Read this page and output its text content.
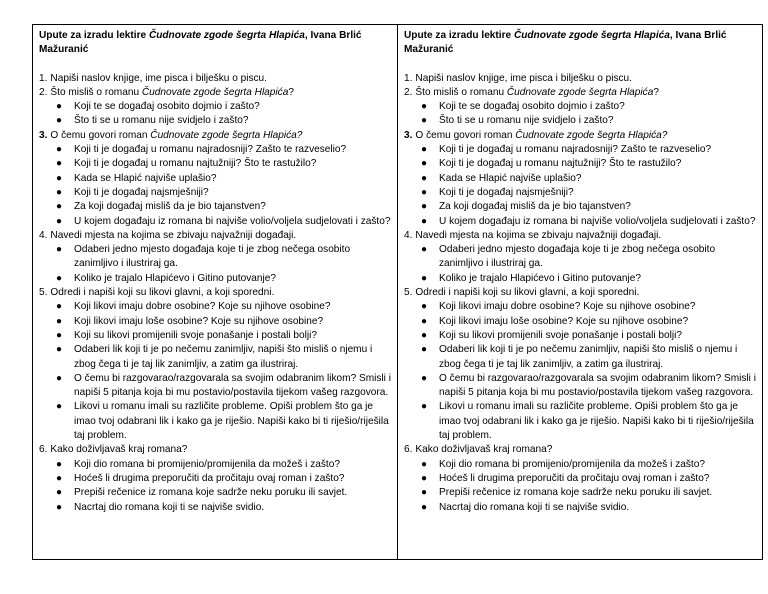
Upute za izradu lektire Čudnovate zgode šegrta Hlapića, Ivana Brlić Mažuranić
1. Napiši naslov knjige, ime pisca i bilješku o piscu.
2. Što misliš o romanu Čudnovate zgode šegrta Hlapića?
● Koji te se događaj osobito dojmio i zašto?
● Što ti se u romanu nije svidjelo i zašto?
3. O čemu govori roman Čudnovate zgode šegrta Hlapića?
● Koji ti je događaj u romanu najradosniji? Zašto te razveselio?
● Koji ti je događaj u romanu najtužniji? Što te rastužilo?
● Kada se Hlapić najviše uplašio?
● Koji ti je događaj najsmješniji?
● Za koji događaj misliš da je bio tajanstven?
● U kojem događaju iz romana bi najviše volio/voljela sudjelovati i zašto?
4. Navedi mjesta na kojima se zbivaju najvažniji događaji.
● Odaberi jedno mjesto događaja koje ti je zbog nečega osobito zanimljivo i ilustriraj ga.
● Koliko je trajalo Hlapićevo i Gitino putovanje?
5. Odredi i napiši koji su likovi glavni, a koji sporedni.
● Koji likovi imaju dobre osobine? Koje su njihove osobine?
● Koji likovi imaju loše osobine? Koje su njihove osobine?
● Koji su likovi promijenili svoje ponašanje i postali bolji?
● Odaberi lik koji ti je po nečemu zanimljiv, napiši što misliš o njemu i zbog čega ti je taj lik zanimljiv, a zatim ga ilustriraj.
● O čemu bi razgovarao/razgovarala sa svojim odabranim likom? Smisli i napiši 5 pitanja koja bi mu postavio/postavila tijekom vašeg razgovora.
● Likovi u romanu imali su različite probleme. Opiši problem što ga je imao tvoj odabrani lik i kako ga je riješio. Napiši kako bi ti riješio/riješila taj problem.
6. Kako doživljavaš kraj romana?
● Koji dio romana bi promijenio/promijenila da možeš i zašto?
● Hoćeš li drugima preporučiti da pročitaju ovaj roman i zašto?
● Prepiši rečenice iz romana koje sadrže neku poruku ili savjet.
● Nacrtaj dio romana koji ti se najviše svidio.

Upute za izradu lektire Čudnovate zgode šegrta Hlapića, Ivana Brlić Mažuranić
1. Napiši naslov knjige, ime pisca i bilješku o piscu.
2. Što misliš o romanu Čudnovate zgode šegrta Hlapića?
● Koji te se događaj osobito dojmio i zašto?
● Što ti se u romanu nije svidjelo i zašto?
3. O čemu govori roman Čudnovate zgode šegrta Hlapića?
● Koji ti je događaj u romanu najradosniji? Zašto te razveselio?
● Koji ti je događaj u romanu najtužniji? Što te rastužilo?
● Kada se Hlapić najviše uplašio?
● Koji ti je događaj najsmješniji?
● Za koji događaj misliš da je bio tajanstven?
● U kojem događaju iz romana bi najviše volio/voljela sudjelovati i zašto?
4. Navedi mjesta na kojima se zbivaju najvažniji događaji.
● Odaberi jedno mjesto događaja koje ti je zbog nečega osobito zanimljivo i ilustriraj ga.
● Koliko je trajalo Hlapićevo i Gitino putovanje?
5. Odredi i napiši koji su likovi glavni, a koji sporedni.
● Koji likovi imaju dobre osobine? Koje su njihove osobine?
● Koji likovi imaju loše osobine? Koje su njihove osobine?
● Koji su likovi promijenili svoje ponašanje i postali bolji?
● Odaberi lik koji ti je po nečemu zanimljiv, napiši što misliš o njemu i zbog čega ti je taj lik zanimljiv, a zatim ga ilustriraj.
● O čemu bi razgovarao/razgovarala sa svojim odabranim likom? Smisli i napiši 5 pitanja koja bi mu postavio/postavila tijekom vašeg razgovora.
● Likovi u romanu imali su različite probleme. Opiši problem što ga je imao tvoj odabrani lik i kako ga je riješio. Napiši kako bi ti riješio/riješila taj problem.
6. Kako doživljavaš kraj romana?
● Koji dio romana bi promijenio/promijenila da možeš i zašto?
● Hoćeš li drugima preporučiti da pročitaju ovaj roman i zašto?
● Prepiši rečenice iz romana koje sadrže neku poruku ili savjet.
● Nacrtaj dio romana koji ti se najviše svidio.
